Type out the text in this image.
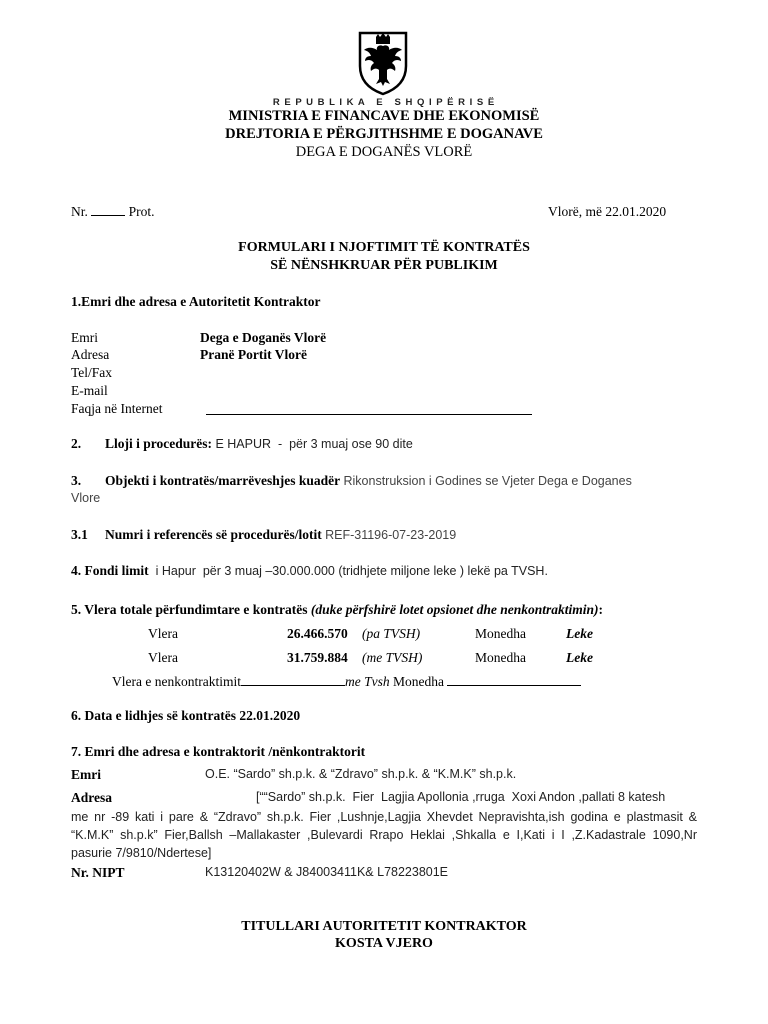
R E P U B L I K A   E   S H Q I P Ë R I S Ë
MINISTRIA E FINANCAVE DHE EKONOMISË
DREJTORIA E PËRGJITHSHME E DOGANAVE
DEGA E DOGANËS VLORË
Nr.	Prot.	Vlorë, më 22.01.2020
FORMULARI I NJOFTIMIT TË KONTRATËS
SË NËNSHKRUAR PËR PUBLIKIM
1.Emri dhe adresa e Autoritetit Kontraktor
Emri	Dega e Doganës Vlorë
Adresa	Pranë Portit Vlorë
Tel/Fax
E-mail
Faqja në Internet
2. Lloji i procedurës: E HAPUR  -  për 3 muaj ose 90 dite
3. Objekti i kontratës/marrëveshjes kuadër Rikonstruksion i Godines se Vjeter Dega e Doganes
Vlore
3.1 Numri i referencës së procedurës/lotit REF-31196-07-23-2019
4. Fondi limit  i Hapur  për 3 muaj –30.000.000 (tridhjete miljone leke ) lekë pa TVSH.
5. Vlera totale përfundimtare e kontratës (duke përfshirë lotet opsionet dhe nenkontraktimin):
Vlera	26.466.570 (pa TVSH)	Monedha	Leke
Vlera	31.759.884 (me TVSH)	Monedha	Leke
Vlera e nenkontraktimit	me Tvsh Monedha
6. Data e lidhjes së kontratës 22.01.2020
7. Emri dhe adresa e kontraktorit /nënkontraktorit
Emri	O.E. “Sardo” sh.p.k. & “Zdravo” sh.p.k. & “K.M.K” sh.p.k.
Adresa	[““Sardo” sh.p.k.  Fier  Lagjia Apollonia ,rruga  Xoxi Andon ,pallati 8 katesh
me nr -89 kati i pare & “Zdravo” sh.p.k. Fier ,Lushnje,Lagjia Xhevdet Nepravishta,ish godina e plastmasit & “K.M.K” sh.p.k” Fier,Ballsh –Mallakaster ,Bulevardi Rrapo Heklai ,Shkalla e I,Kati i I ,Z.Kadastrale 1090,Nr pasurie 7/9810/Ndertese]
Nr. NIPT	K13120402W & J84003411K& L78223801E
TITULLARI AUTORITETIT KONTRAKTOR
KOSTA VJERO
